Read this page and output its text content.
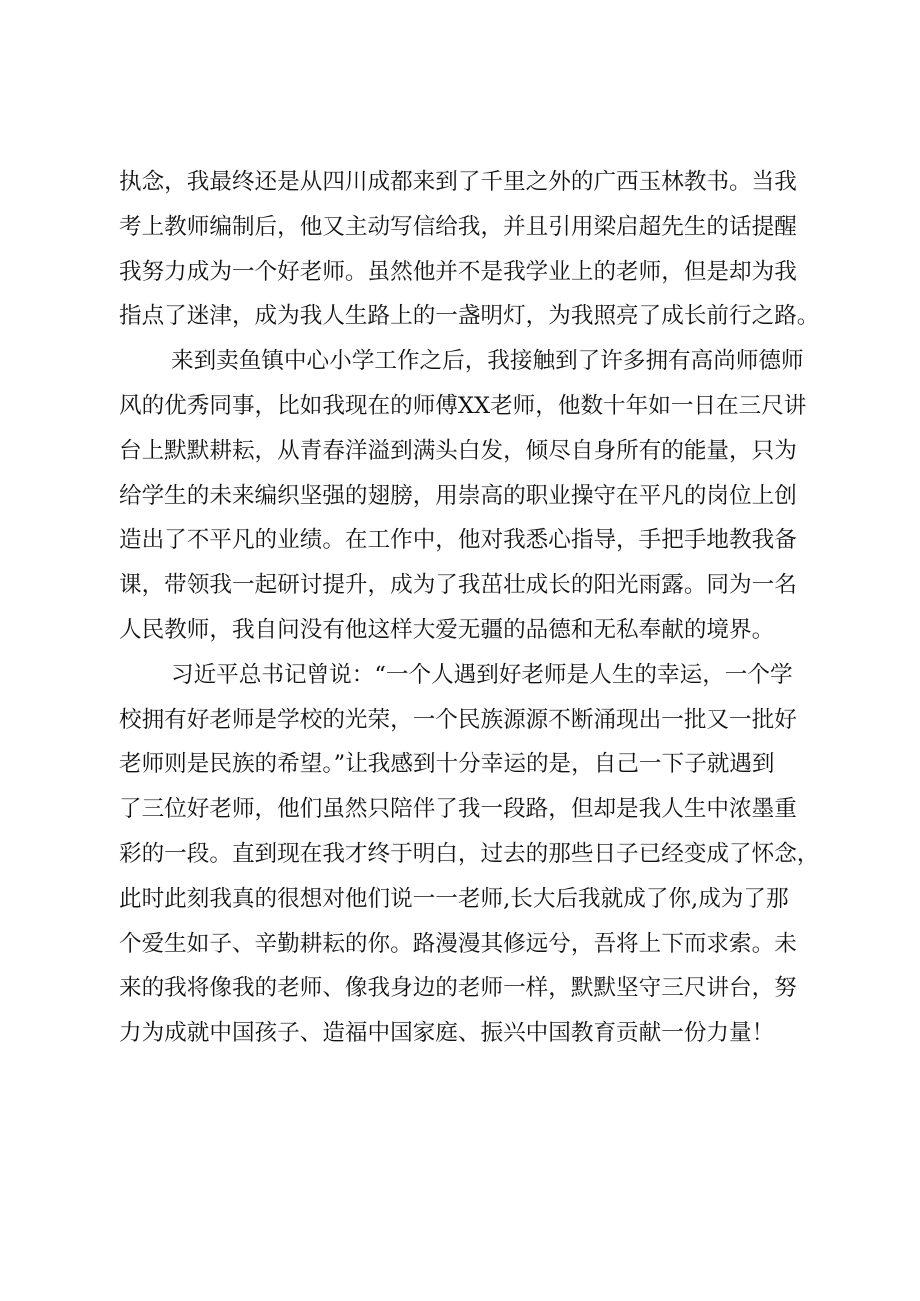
执念，我最终还是从四川成都来到了千里之外的广西玉林教书。当我
考上教师编制后，他又主动写信给我，并且引用梁启超先生的话提醒
我努力成为一个好老师。虽然他并不是我学业上的老师，但是却为我
指点了迷津，成为我人生路上的一盏明灯，为我照亮了成长前行之路。
来到卖鱼镇中心小学工作之后，我接触到了许多拥有高尚师德师
风的优秀同事，比如我现在的师傅XX老师，他数十年如一日在三尺讲
台上默默耕耘，从青春洋溢到满头白发，倾尽自身所有的能量，只为
给学生的未来编织坚强的翅膀，用崇高的职业操守在平凡的岗位上创
造出了不平凡的业绩。在工作中，他对我悉心指导，手把手地教我备
课，带领我一起研讨提升，成为了我茁壮成长的阳光雨露。同为一名
人民教师，我自问没有他这样大爱无疆的品德和无私奉献的境界。
习近平总书记曾说：“一个人遇到好老师是人生的幸运，一个学
校拥有好老师是学校的光荣，一个民族源源不断涌现出一批又一批好
老师则是民族的希望。”让我感到十分幸运的是，自己一下子就遇到
了三位好老师，他们虽然只陪伴了我一段路，但却是我人生中浓墨重
彩的一段。直到现在我才终于明白，过去的那些日子已经变成了怀念，
此时此刻我真的很想对他们说一一老师,长大后我就成了你,成为了那
个爱生如子、辛勤耕耘的你。路漫漫其修远兮，吾将上下而求索。未
来的我将像我的老师、像我身边的老师一样，默默坚守三尺讲台，努
力为成就中国孩子、造福中国家庭、振兴中国教育贡献一份力量！
